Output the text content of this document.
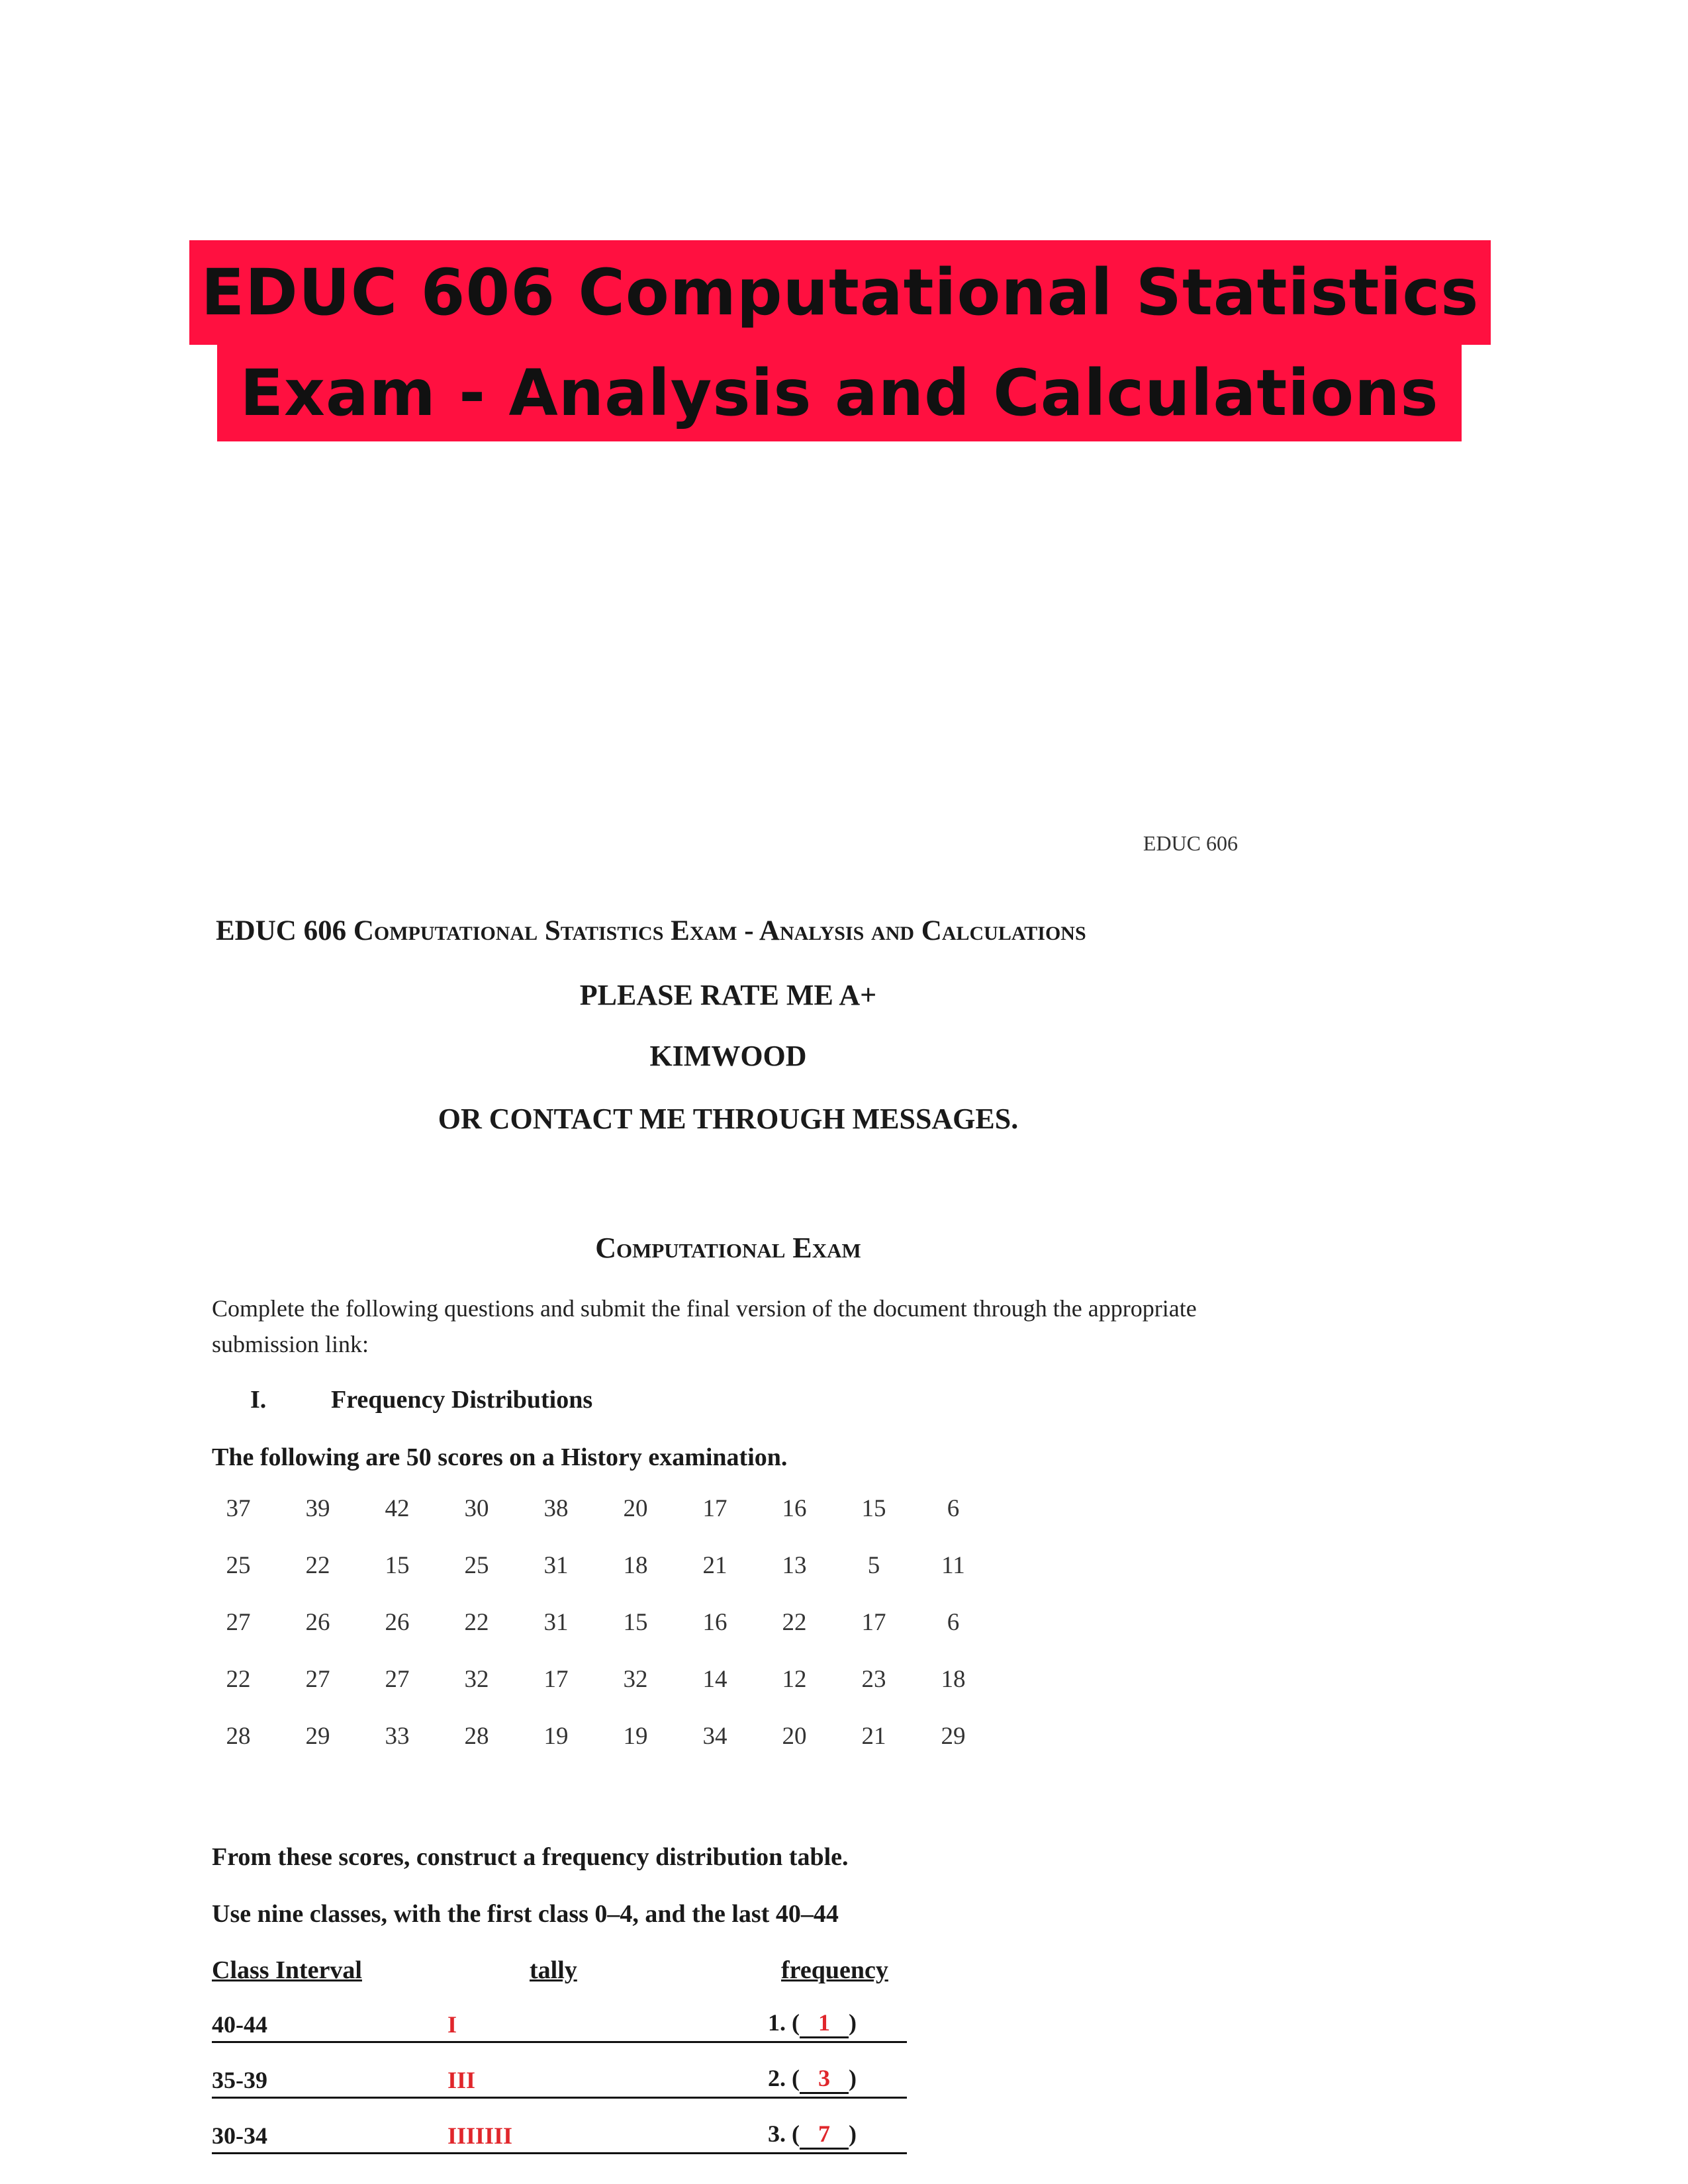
EDUC 606 Computational Statistics
Exam - Analysis and Calculations
EDUC 606
EDUC 606 Computational Statistics Exam - Analysis and Calculations
PLEASE RATE ME A+
KIMWOOD
OR CONTACT ME THROUGH MESSAGES.
Computational Exam
Complete the following questions and submit the final version of the document through the appropriate submission link:
I.	Frequency Distributions
The following are 50 scores on a History examination.
37	39	42	30	38	20	17	16	15	6
25	22	15	25	31	18	21	13	5	11
27	26	26	22	31	15	16	22	17	6
22	27	27	32	17	32	14	12	23	18
28	29	33	28	19	19	34	20	21	29
From these scores, construct a frequency distribution table.
Use nine classes, with the first class 0–4, and the last 40–44
Class Interval	tally	frequency
40-44	I	1. ( 1 )
35-39	III	2. ( 3 )
30-34	IIIIIII	3. ( 7 )
